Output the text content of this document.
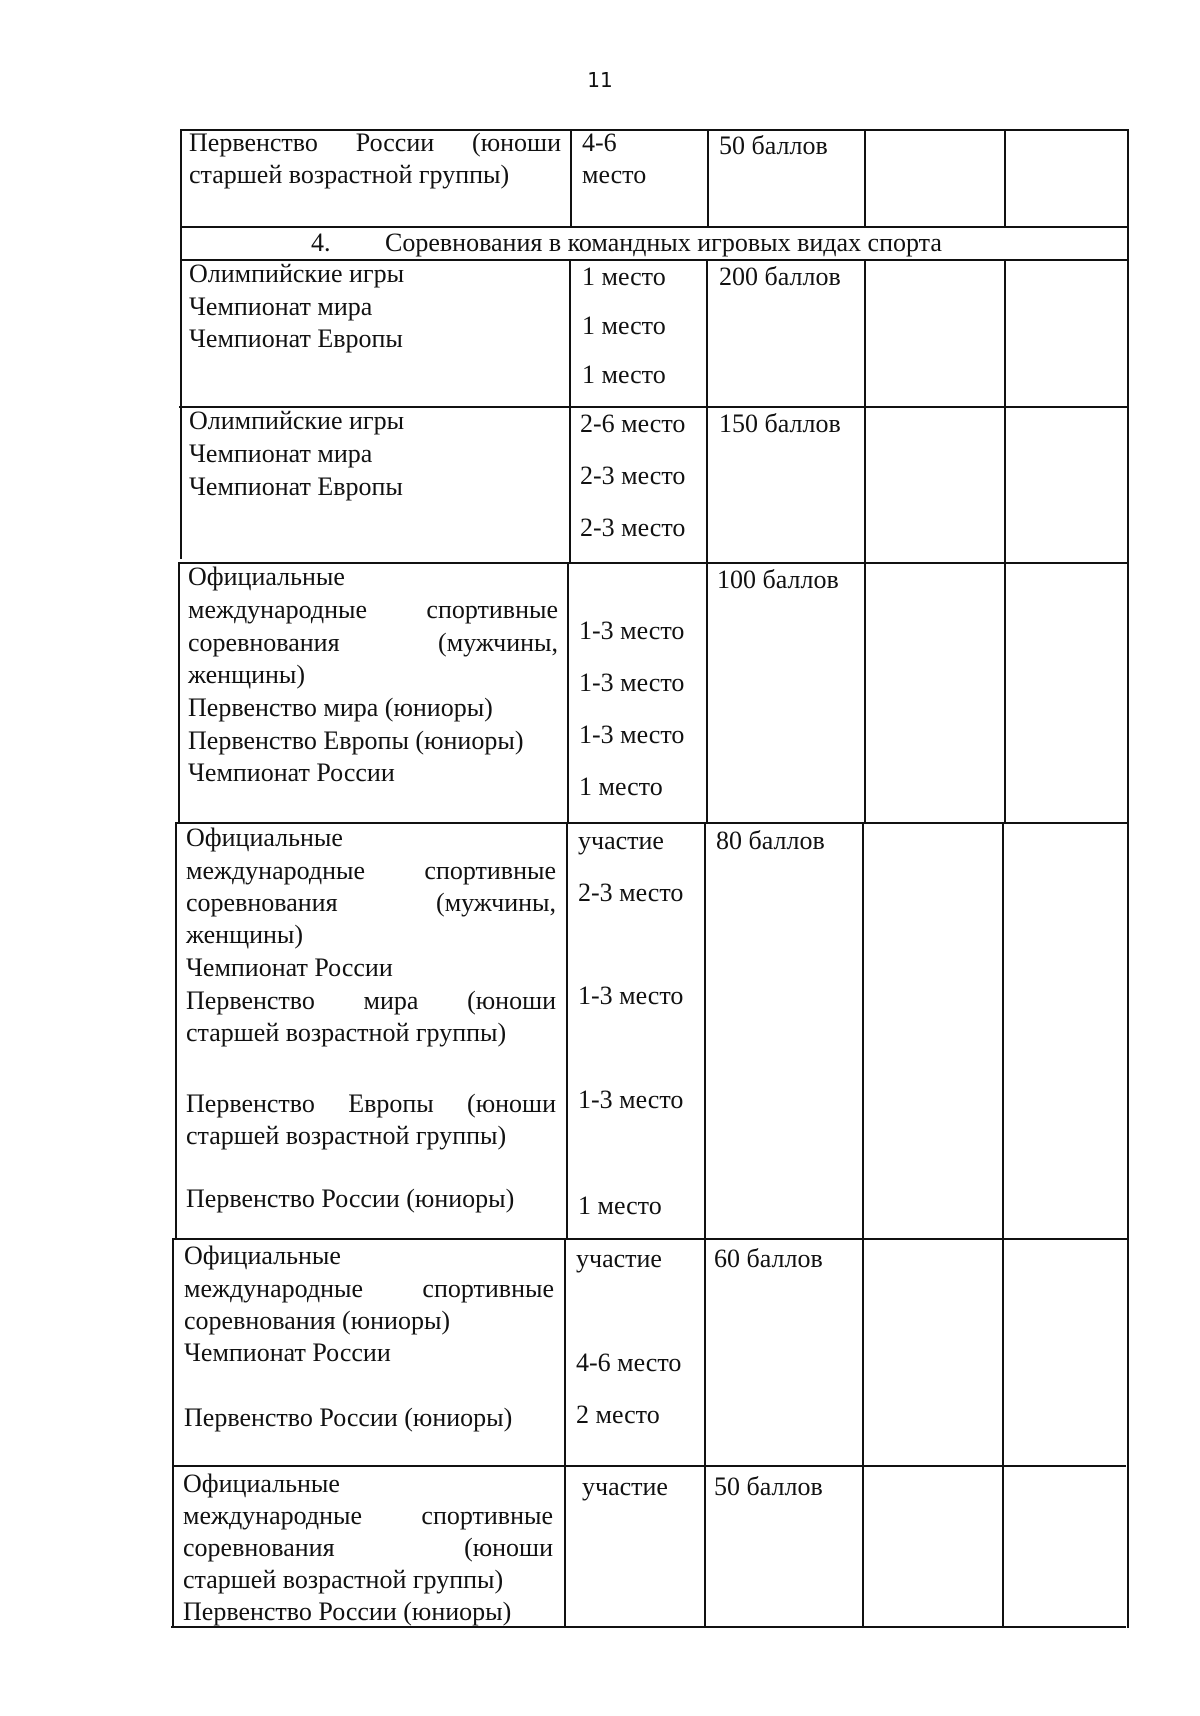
11
Первенство России (юноши
старшей возрастной группы)
4-6
место
50 баллов
4. Соревнования в командных игровых видах спорта
Олимпийские игры
Чемпионат мира
Чемпионат Европы
1 место
1 место
1 место
200 баллов
Олимпийские игры
Чемпионат мира
Чемпионат Европы
2-6 место
2-3 место
2-3 место
150 баллов
Официальные
международные спортивные
соревнования (мужчины,
женщины)
Первенство мира (юниоры)
Первенство Европы (юниоры)
Чемпионат России
1-3 место
1-3 место
1-3 место
1 место
100 баллов
Официальные
международные спортивные
соревнования (мужчины,
женщины)
Чемпионат России
Первенство мира (юноши
старшей возрастной группы)
Первенство Европы (юноши
старшей возрастной группы)
Первенство России (юниоры)
участие
2-3 место
1-3 место
1-3 место
1 место
80 баллов
Официальные
международные спортивные
соревнования (юниоры)
Чемпионат России
Первенство России (юниоры)
участие
4-6 место
2 место
60 баллов
Официальные
международные спортивные
соревнования (юноши
старшей возрастной группы)
Первенство России (юниоры)
участие 50 баллов
